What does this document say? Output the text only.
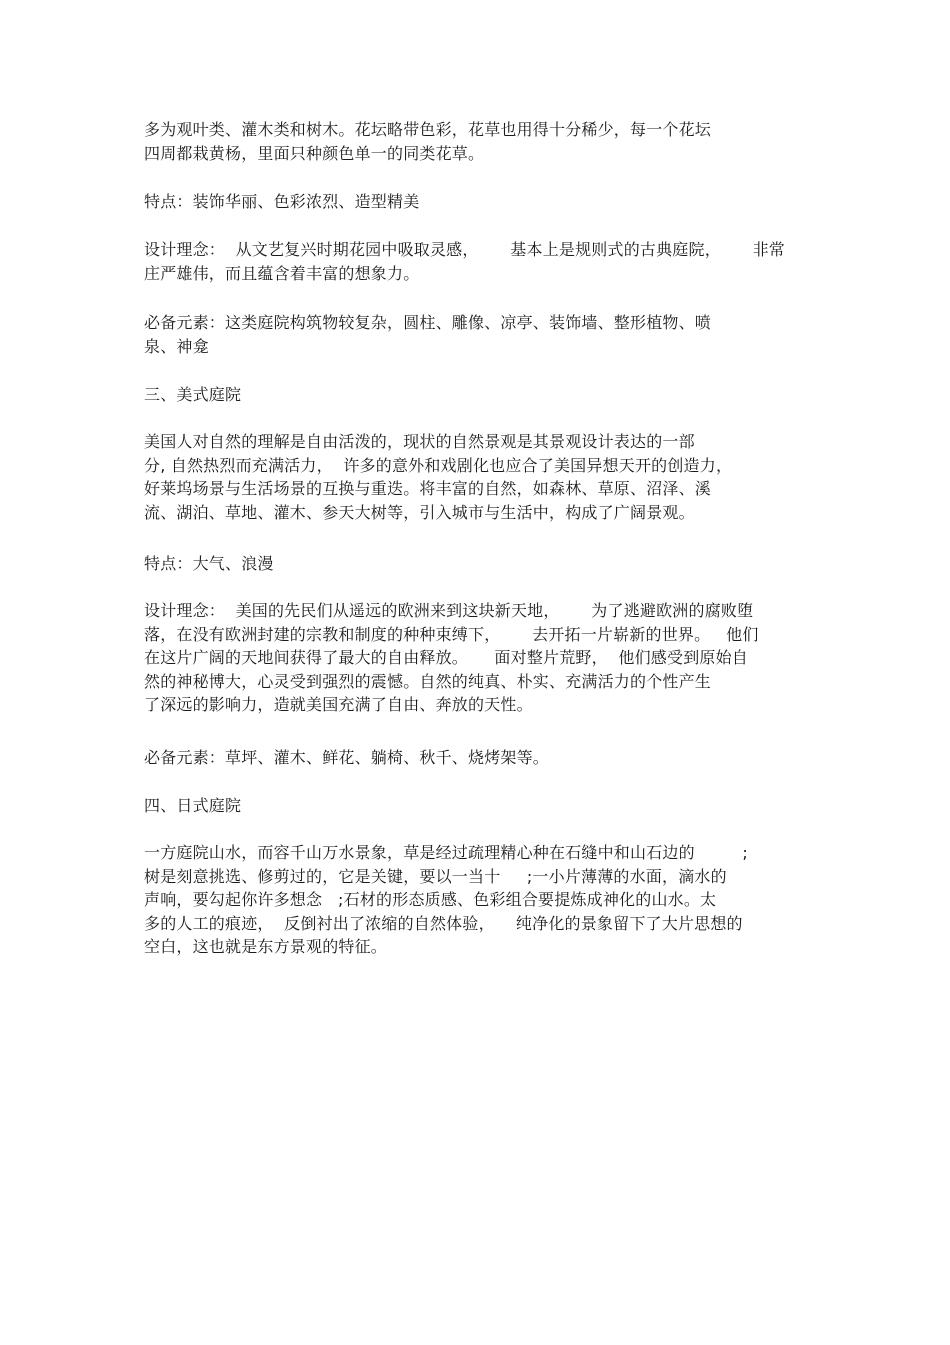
多为观叶类、灌木类和树木。花坛略带色彩，花草也用得十分稀少，每一个花坛
四周都栽黄杨，里面只种颜色单一的同类花草。

特点：装饰华丽、色彩浓烈、造型精美

设计理念：  从文艺复兴时期花园中吸取灵感，      基本上是规则式的古典庭院，      非常
庄严雄伟，而且蕴含着丰富的想象力。

必备元素：这类庭院构筑物较复杂，圆柱、雕像、凉亭、装饰墙、整形植物、喷
泉、神龛

三、美式庭院

美国人对自然的理解是自由活泼的，现状的自然景观是其景观设计表达的一部
分, 自然热烈而充满活力，  许多的意外和戏剧化也应合了美国异想天开的创造力，
好莱坞场景与生活场景的互换与重迭。将丰富的自然，如森林、草原、沼泽、溪
流、湖泊、草地、灌木、参天大树等，引入城市与生活中，构成了广阔景观。

特点：大气、浪漫

设计理念：  美国的先民们从遥远的欧洲来到这块新天地，      为了逃避欧洲的腐败堕
落，在没有欧洲封建的宗教和制度的种种束缚下，      去开拓一片崭新的世界。   他们
在这片广阔的天地间获得了最大的自由释放。     面对整片荒野，  他们感受到原始自
然的神秘博大，心灵受到强烈的震憾。自然的纯真、朴实、充满活力的个性产生
了深远的影响力，造就美国充满了自由、奔放的天性。

必备元素：草坪、灌木、鲜花、躺椅、秋千、烧烤架等。

四、日式庭院

一方庭院山水，而容千山万水景象，草是经过疏理精心种在石缝中和山石边的         ;
树是刻意挑选、修剪过的，它是关键，要以一当十     ;一小片薄薄的水面，滴水的
声响，要勾起你许多想念   ;石材的形态质感、色彩组合要提炼成神化的山水。太
多的人工的痕迹，  反倒衬出了浓缩的自然体验，    纯净化的景象留下了大片思想的
空白，这也就是东方景观的特征。
